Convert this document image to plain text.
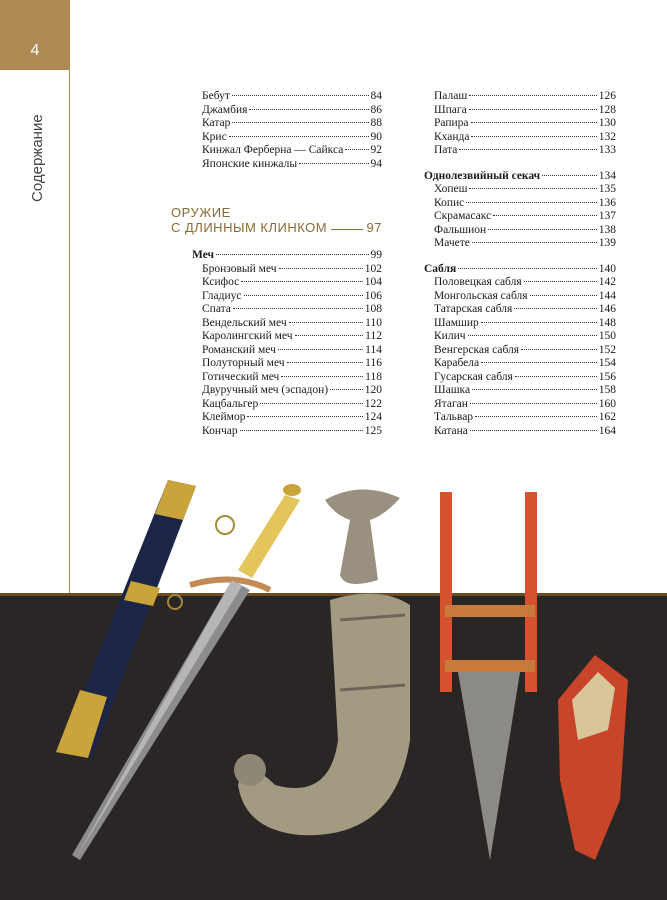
4
Содержание
Бебут	84
Джамбия	86
Катар	88
Крис	90
Кинжал Ферберна — Сайкса 92
Японские кинжалы	94
ОРУЖИЕ
С ДЛИННЫМ КЛИНКОМ	97
Меч	99
Бронзовый меч	102
Ксифос	104
Гладиус	106
Спата	108
Вендельский меч	110
Каролингский меч	112
Романский меч	114
Полуторный меч	116
Готический меч	118
Двуручный меч (эспадон)	120
Кацбальгер	122
Клеймор	124
Кончар	125
Палаш	126
Шпага	128
Рапира	130
Кханда	132
Пата	133
Однолезвийный секач	134
Хопеш	135
Копис	136
Скрамасакс	137
Фальшион	138
Мачете	139
Сабля	140
Половецкая сабля	142
Монгольская сабля	144
Татарская сабля	146
Шамшир	148
Килич	150
Венгерская сабля	152
Карабела	154
Гусарская сабля	156
Шашка	158
Ятаган	160
Тальвар	162
Катана	164
